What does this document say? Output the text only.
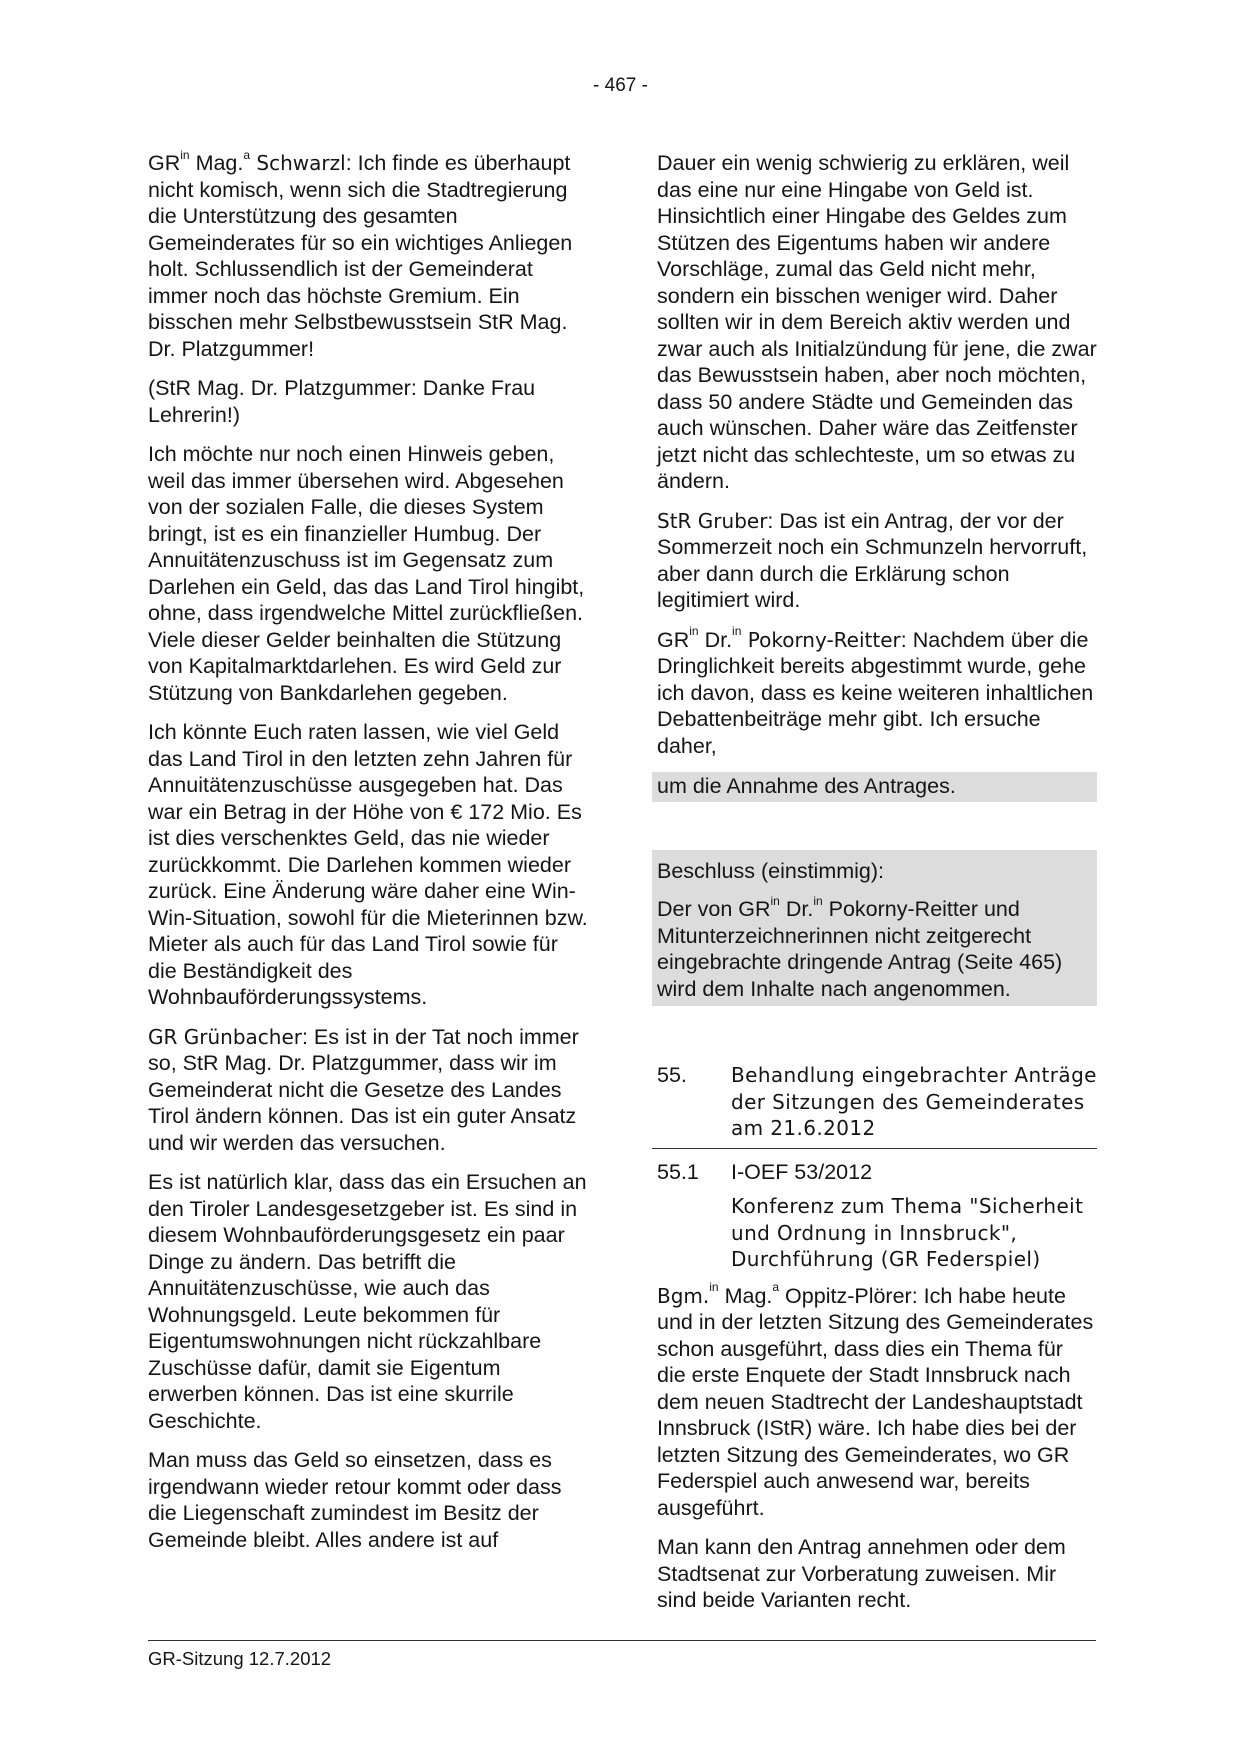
- 467 -

$GR^{in}$ Mag.$^a$ Schwarzl: Ich finde es überhaupt nicht komisch, wenn sich die Stadtregierung die Unterstützung des gesamten Gemeinderates für so ein wichtiges Anliegen holt. Schlussendlich ist der Gemeinderat immer noch das höchste Gremium. Ein bisschen mehr Selbstbewusstsein StR Mag. Dr. Platzgummer!

(StR Mag. Dr. Platzgummer: Danke Frau Lehrerin!)

Ich möchte nur noch einen Hinweis geben, weil das immer übersehen wird. Abgesehen von der sozialen Falle, die dieses System bringt, ist es ein finanzieller Humbug. Der Annuitätenzuschuss ist im Gegensatz zum Darlehen ein Geld, das das Land Tirol hingibt, ohne, dass irgendwelche Mittel zurückfließen. Viele dieser Gelder beinhalten die Stützung von Kapitalmarktdarlehen. Es wird Geld zur Stützung von Bankdarlehen gegeben.

Ich könnte Euch raten lassen, wie viel Geld das Land Tirol in den letzten zehn Jahren für Annuitätenzuschüsse ausgegeben hat. Das war ein Betrag in der Höhe von € 172 Mio. Es ist dies verschenktes Geld, das nie wieder zurückkommt. Die Darlehen kommen wieder zurück. Eine Änderung wäre daher eine Win-Win-Situation, sowohl für die Mieterinnen bzw. Mieter als auch für das Land Tirol sowie für die Beständigkeit des Wohnbauförderungssystems.

GR Grünbacher: Es ist in der Tat noch immer so, StR Mag. Dr. Platzgummer, dass wir im Gemeinderat nicht die Gesetze des Landes Tirol ändern können. Das ist ein guter Ansatz und wir werden das versuchen.

Es ist natürlich klar, dass das ein Ersuchen an den Tiroler Landesgesetzgeber ist. Es sind in diesem Wohnbauförderungsgesetz ein paar Dinge zu ändern. Das betrifft die Annuitätenzuschüsse, wie auch das Wohnungsgeld. Leute bekommen für Eigentumswohnungen nicht rückzahlbare Zuschüsse dafür, damit sie Eigentum erwerben können. Das ist eine skurrile Geschichte.

Man muss das Geld so einsetzen, dass es irgendwann wieder retour kommt oder dass die Liegenschaft zumindest im Besitz der Gemeinde bleibt. Alles andere ist auf

Dauer ein wenig schwierig zu erklären, weil das eine nur eine Hingabe von Geld ist. Hinsichtlich einer Hingabe des Geldes zum Stützen des Eigentums haben wir andere Vorschläge, zumal das Geld nicht mehr, sondern ein bisschen weniger wird. Daher sollten wir in dem Bereich aktiv werden und zwar auch als Initialzündung für jene, die zwar das Bewusstsein haben, aber noch möchten, dass 50 andere Städte und Gemeinden das auch wünschen. Daher wäre das Zeitfenster jetzt nicht das schlechteste, um so etwas zu ändern.

StR Gruber: Das ist ein Antrag, der vor der Sommerzeit noch ein Schmunzeln hervorruft, aber dann durch die Erklärung schon legitimiert wird.

$GR^{in}$ Dr.$^{in}$ Pokorny-Reitter: Nachdem über die Dringlichkeit bereits abgestimmt wurde, gehe ich davon, dass es keine weiteren inhaltlichen Debattenbeiträge mehr gibt. Ich ersuche daher,

um die Annahme des Antrages.

Beschluss (einstimmig):

Der von $GR^{in}$ Dr.$^{in}$ Pokorny-Reitter und Mitunterzeichnerinnen nicht zeitgerecht eingebrachte dringende Antrag (Seite 465) wird dem Inhalte nach angenommen.

55.	Behandlung eingebrachter Anträge der Sitzungen des Gemeinderates am 21.6.2012
55.1	I-OEF 53/2012
Konferenz zum Thema "Sicherheit und Ordnung in Innsbruck", Durchführung (GR Federspiel)

Bgm.$^{in}$ Mag.$^a$ Oppitz-Plörer: Ich habe heute und in der letzten Sitzung des Gemeinderates schon ausgeführt, dass dies ein Thema für die erste Enquete der Stadt Innsbruck nach dem neuen Stadtrecht der Landeshauptstadt Innsbruck (IStR) wäre. Ich habe dies bei der letzten Sitzung des Gemeinderates, wo GR Federspiel auch anwesend war, bereits ausgeführt.

Man kann den Antrag annehmen oder dem Stadtsenat zur Vorberatung zuweisen. Mir sind beide Varianten recht.

GR-Sitzung 12.7.2012
